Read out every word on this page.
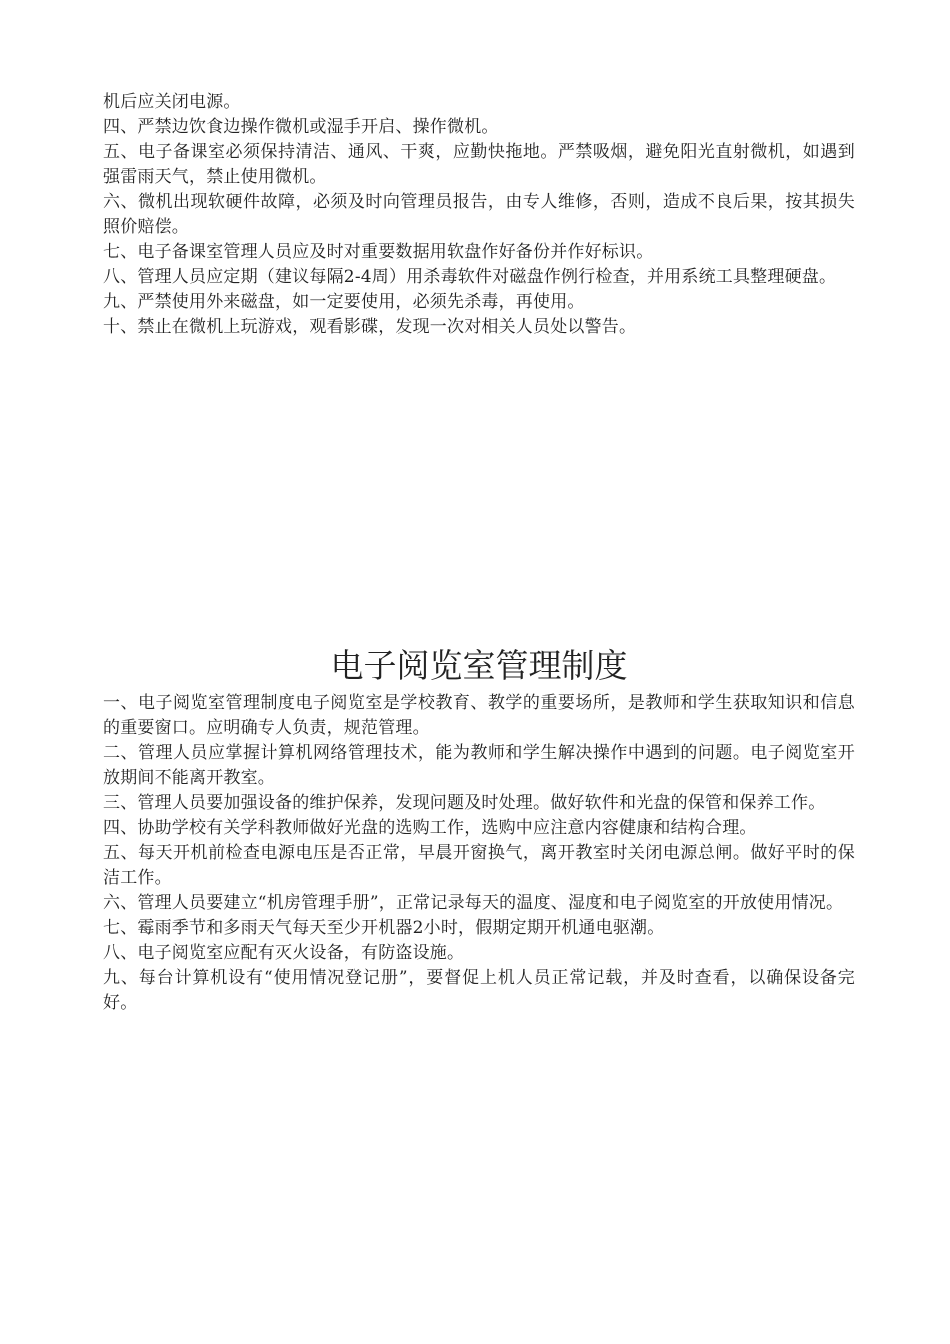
机后应关闭电源。

四、严禁边饮食边操作微机或湿手开启、操作微机。

五、电子备课室必须保持清洁、通风、干爽，应勤快拖地。严禁吸烟，避免阳光直射微机，如遇到强雷雨天气，禁止使用微机。

六、微机出现软硬件故障，必须及时向管理员报告，由专人维修，否则，造成不良后果，按其损失照价赔偿。

七、电子备课室管理人员应及时对重要数据用软盘作好备份并作好标识。

八、管理人员应定期（建议每隔2-4周）用杀毒软件对磁盘作例行检查，并用系统工具整理硬盘。

九、严禁使用外来磁盘，如一定要使用，必须先杀毒，再使用。

十、禁止在微机上玩游戏，观看影碟，发现一次对相关人员处以警告。

电子阅览室管理制度

一、电子阅览室管理制度电子阅览室是学校教育、教学的重要场所，是教师和学生获取知识和信息的重要窗口。应明确专人负责，规范管理。

二、管理人员应掌握计算机网络管理技术，能为教师和学生解决操作中遇到的问题。电子阅览室开放期间不能离开教室。

三、管理人员要加强设备的维护保养，发现问题及时处理。做好软件和光盘的保管和保养工作。

四、协助学校有关学科教师做好光盘的选购工作，选购中应注意内容健康和结构合理。

五、每天开机前检查电源电压是否正常，早晨开窗换气，离开教室时关闭电源总闸。做好平时的保洁工作。

六、管理人员要建立“机房管理手册”，正常记录每天的温度、湿度和电子阅览室的开放使用情况。

七、霉雨季节和多雨天气每天至少开机器2小时，假期定期开机通电驱潮。

八、电子阅览室应配有灭火设备，有防盗设施。

九、每台计算机设有“使用情况登记册”，要督促上机人员正常记载，并及时查看，以确保设备完好。
